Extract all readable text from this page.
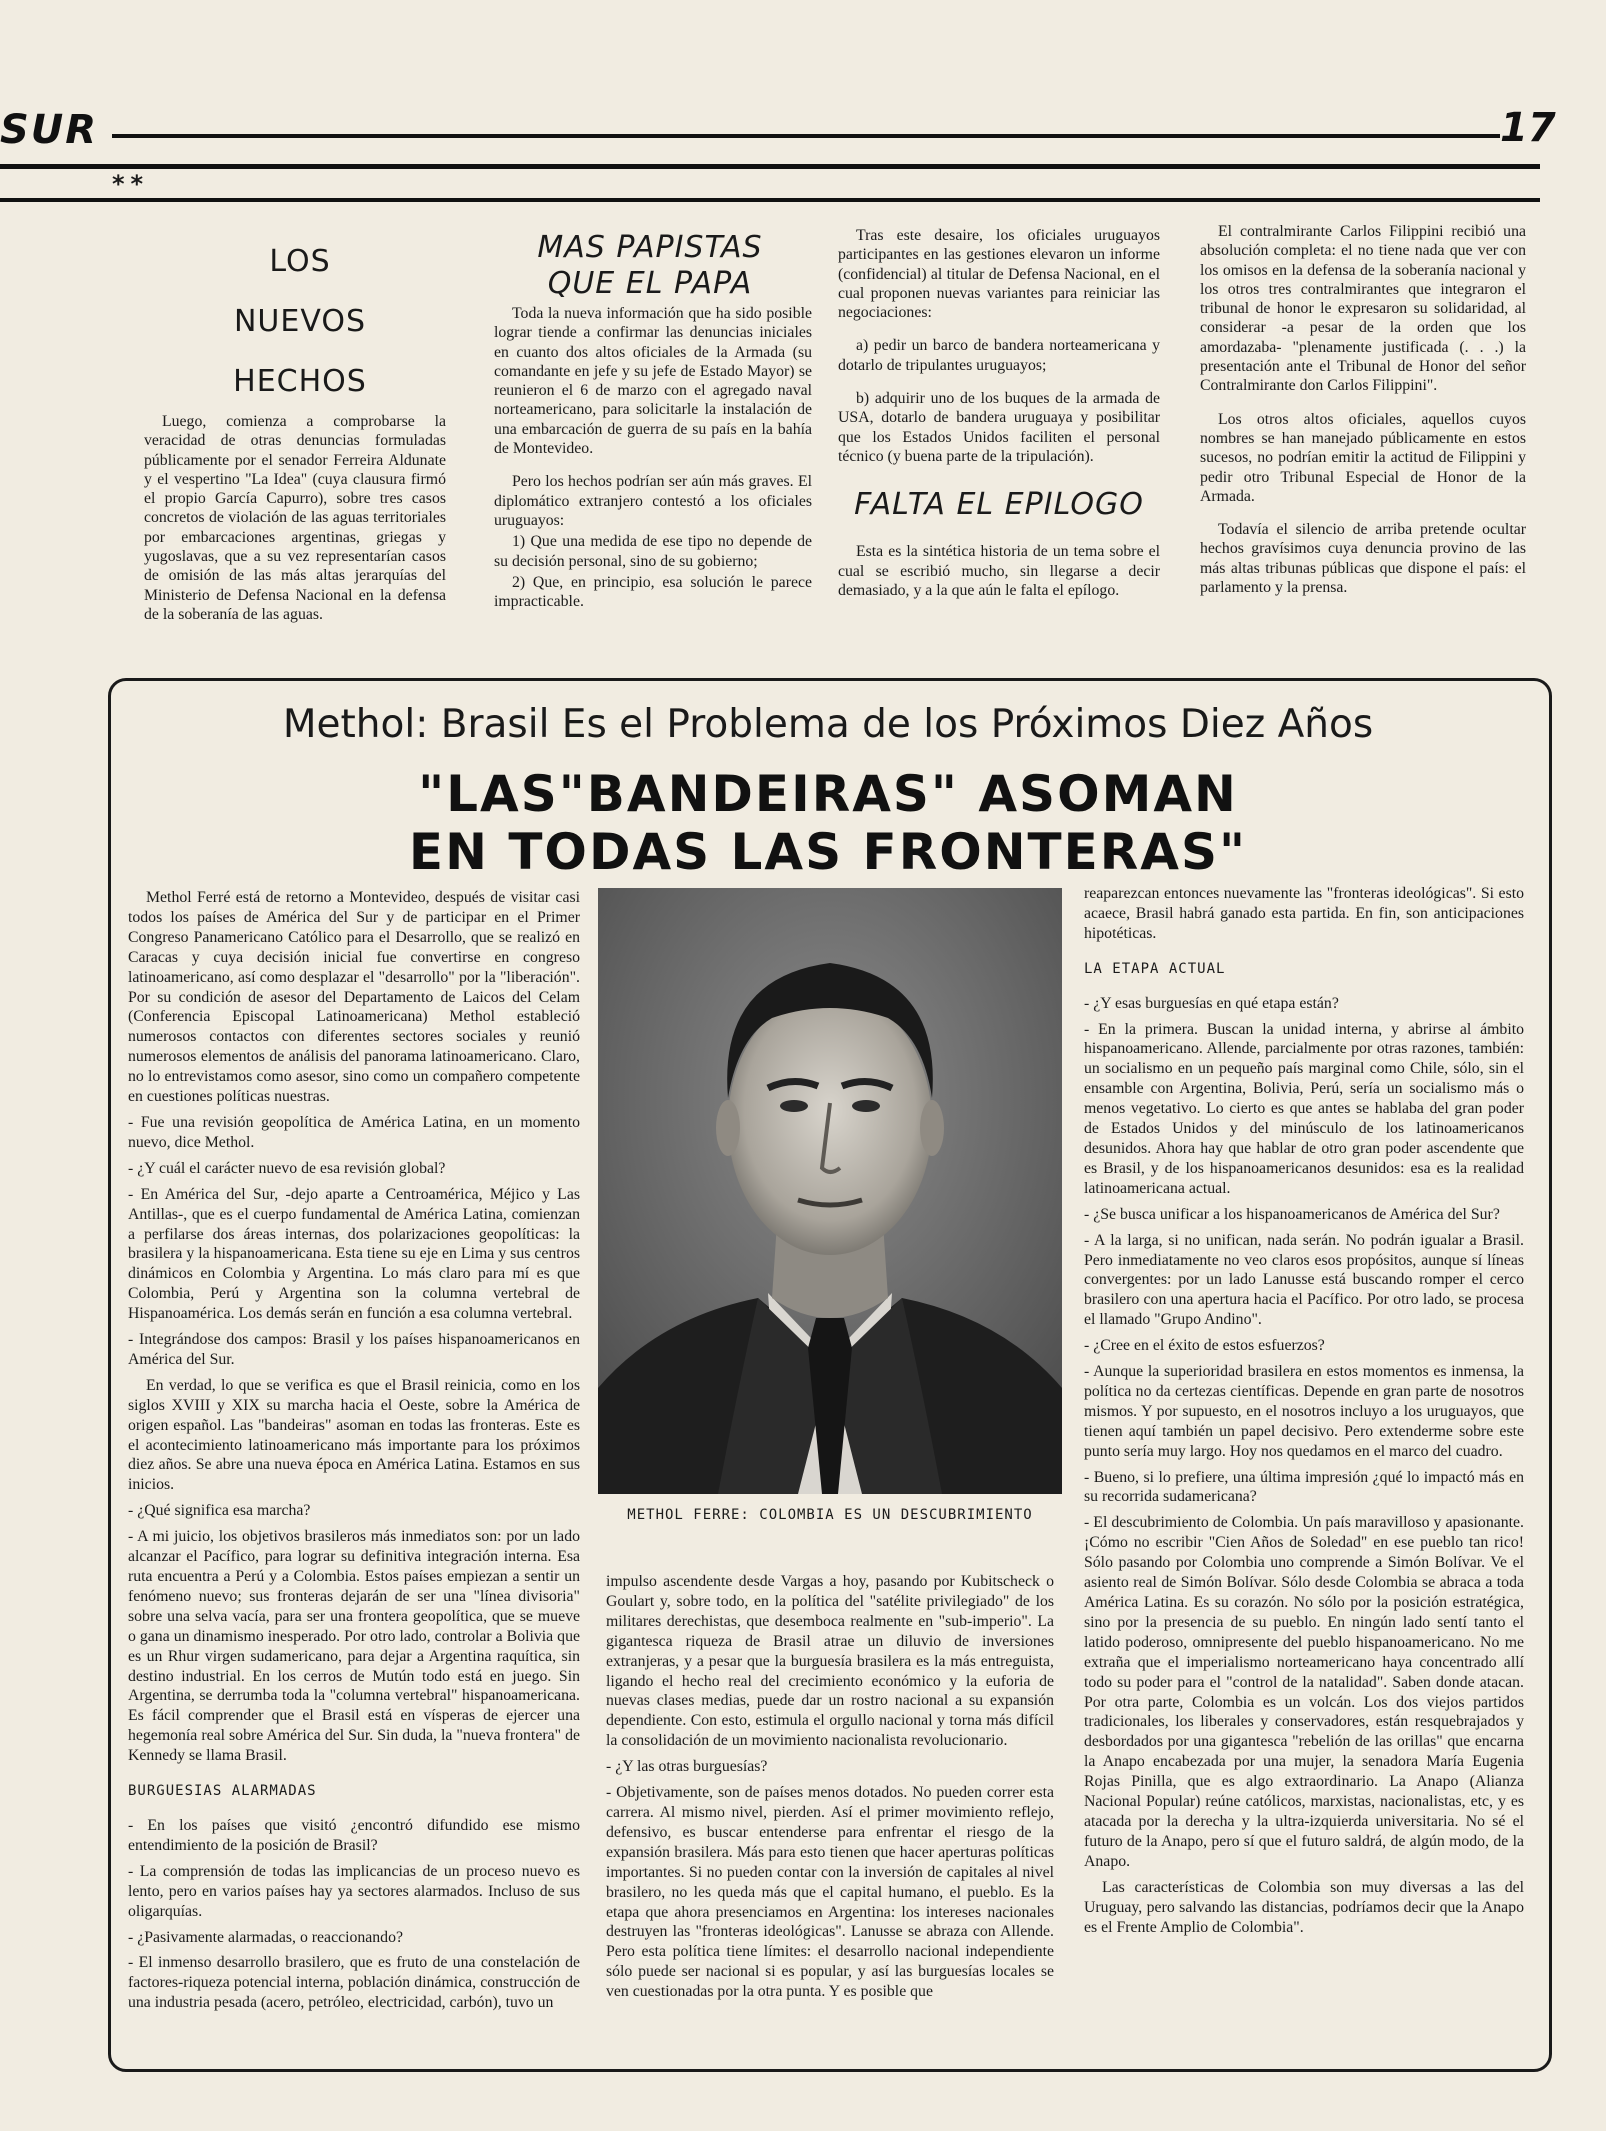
SUR	17
**
LOS
NUEVOS
HECHOS

Luego, comienza a comprobarse la veracidad de otras denuncias formuladas públicamente por el senador Ferreira Aldunate y el vespertino "La Idea" (cuya clausura firmó el propio García Capurro), sobre tres casos concretos de violación de las aguas territoriales por embarcaciones argentinas, griegas y yugoslavas, que a su vez representarían casos de omisión de las más altas jerarquías del Ministerio de Defensa Nacional en la defensa de la soberanía de las aguas.

MAS PAPISTAS
QUE EL PAPA

Toda la nueva información que ha sido posible lograr tiende a confirmar las denuncias iniciales en cuanto dos altos oficiales de la Armada (su comandante en jefe y su jefe de Estado Mayor) se reunieron el 6 de marzo con el agregado naval norteamericano, para solicitarle la instalación de una embarcación de guerra de su país en la bahía de Montevideo.

Pero los hechos podrían ser aún más graves. El diplomático extranjero contestó a los oficiales uruguayos:

1) Que una medida de ese tipo no depende de su decisión personal, sino de su gobierno;

2) Que, en principio, esa solución le parece impracticable.

Tras este desaire, los oficiales uruguayos participantes en las gestiones elevaron un informe (confidencial) al titular de Defensa Nacional, en el cual proponen nuevas variantes para reiniciar las negociaciones:

a) pedir un barco de bandera norteamericana y dotarlo de tripulantes uruguayos;

b) adquirir uno de los buques de la armada de USA, dotarlo de bandera uruguaya y posibilitar que los Estados Unidos faciliten el personal técnico (y buena parte de la tripulación).

FALTA EL EPILOGO

Esta es la sintética historia de un tema sobre el cual se escribió mucho, sin llegarse a decir demasiado, y a la que aún le falta el epílogo.

El contralmirante Carlos Filippini recibió una absolución completa: el no tiene nada que ver con los omisos en la defensa de la soberanía nacional y los otros tres contralmirantes que integraron el tribunal de honor le expresaron su solidaridad, al considerar -a pesar de la orden que los amordazaba- "plenamente justificada (. . .) la presentación ante el Tribunal de Honor del señor Contralmirante don Carlos Filippini".

Los otros altos oficiales, aquellos cuyos nombres se han manejado públicamente en estos sucesos, no podrían emitir la actitud de Filippini y pedir otro Tribunal Especial de Honor de la Armada.

Todavía el silencio de arriba pretende ocultar hechos gravísimos cuya denuncia provino de las más altas tribunas públicas que dispone el país: el parlamento y la prensa.

Methol: Brasil Es el Problema de los Próximos Diez Años
"LAS"BANDEIRAS" ASOMAN
EN TODAS LAS FRONTERAS"
METHOL FERRE: COLOMBIA ES UN DESCUBRIMIENTO

Methol Ferré está de retorno a Montevideo, después de visitar casi todos los países de América del Sur y de participar en el Primer Congreso Panamericano Católico para el Desarrollo, que se realizó en Caracas y cuya decisión inicial fue convertirse en congreso latinoamericano, así como desplazar el "desarrollo" por la "liberación". Por su condición de asesor del Departamento de Laicos del Celam (Conferencia Episcopal Latinoamericana) Methol estableció numerosos contactos con diferentes sectores sociales y reunió numerosos elementos de análisis del panorama latinoamericano. Claro, no lo entrevistamos como asesor, sino como un compañero competente en cuestiones políticas nuestras.

- Fue una revisión geopolítica de América Latina, en un momento nuevo, dice Methol.

- ¿Y cuál el carácter nuevo de esa revisión global?

- En América del Sur, -dejo aparte a Centroamérica, Méjico y Las Antillas-, que es el cuerpo fundamental de América Latina, comienzan a perfilarse dos áreas internas, dos polarizaciones geopolíticas: la brasilera y la hispanoamericana. Esta tiene su eje en Lima y sus centros dinámicos en Colombia y Argentina. Lo más claro para mí es que Colombia, Perú y Argentina son la columna vertebral de Hispanoamérica. Los demás serán en función a esa columna vertebral.

- Integrándose dos campos: Brasil y los países hispanoamericanos en América del Sur.

En verdad, lo que se verifica es que el Brasil reinicia, como en los siglos XVIII y XIX su marcha hacia el Oeste, sobre la América de origen español. Las "bandeiras" asoman en todas las fronteras. Este es el acontecimiento latinoamericano más importante para los próximos diez años. Se abre una nueva época en América Latina. Estamos en sus inicios.

- ¿Qué significa esa marcha?

- A mi juicio, los objetivos brasileros más inmediatos son: por un lado alcanzar el Pacífico, para lograr su definitiva integración interna. Esa ruta encuentra a Perú y a Colombia. Estos países empiezan a sentir un fenómeno nuevo; sus fronteras dejarán de ser una "línea divisoria" sobre una selva vacía, para ser una frontera geopolítica, que se mueve o gana un dinamismo inesperado. Por otro lado, controlar a Bolivia que es un Rhur virgen sudamericano, para dejar a Argentina raquítica, sin destino industrial. En los cerros de Mutún todo está en juego. Sin Argentina, se derrumba toda la "columna vertebral" hispanoamericana. Es fácil comprender que el Brasil está en vísperas de ejercer una hegemonía real sobre América del Sur. Sin duda, la "nueva frontera" de Kennedy se llama Brasil.

BURGUESIAS ALARMADAS

- En los países que visitó ¿encontró difundido ese mismo entendimiento de la posición de Brasil?

- La comprensión de todas las implicancias de un proceso nuevo es lento, pero en varios países hay ya sectores alarmados. Incluso de sus oligarquías.

- ¿Pasivamente alarmadas, o reaccionando?

- El inmenso desarrollo brasilero, que es fruto de una constelación de factores-riqueza potencial interna, población dinámica, construcción de una industria pesada (acero, petróleo, electricidad, carbón), tuvo un

impulso ascendente desde Vargas a hoy, pasando por Kubitscheck o Goulart y, sobre todo, en la política del "satélite privilegiado" de los militares derechistas, que desemboca realmente en "sub-imperio". La gigantesca riqueza de Brasil atrae un diluvio de inversiones extranjeras, y a pesar que la burguesía brasilera es la más entreguista, ligando el hecho real del crecimiento económico y la euforia de nuevas clases medias, puede dar un rostro nacional a su expansión dependiente. Con esto, estimula el orgullo nacional y torna más difícil la consolidación de un movimiento nacionalista revolucionario.

- ¿Y las otras burguesías?

- Objetivamente, son de países menos dotados. No pueden correr esta carrera. Al mismo nivel, pierden. Así el primer movimiento reflejo, defensivo, es buscar entenderse para enfrentar el riesgo de la expansión brasilera. Más para esto tienen que hacer aperturas políticas importantes. Si no pueden contar con la inversión de capitales al nivel brasilero, no les queda más que el capital humano, el pueblo. Es la etapa que ahora presenciamos en Argentina: los intereses nacionales destruyen las "fronteras ideológicas". Lanusse se abraza con Allende. Pero esta política tiene límites: el desarrollo nacional independiente sólo puede ser nacional si es popular, y así las burguesías locales se ven cuestionadas por la otra punta. Y es posible que

reaparezcan entonces nuevamente las "fronteras ideológicas". Si esto acaece, Brasil habrá ganado esta partida. En fin, son anticipaciones hipotéticas.

LA ETAPA ACTUAL

- ¿Y esas burguesías en qué etapa están?

- En la primera. Buscan la unidad interna, y abrirse al ámbito hispanoamericano. Allende, parcialmente por otras razones, también: un socialismo en un pequeño país marginal como Chile, sólo, sin el ensamble con Argentina, Bolivia, Perú, sería un socialismo más o menos vegetativo. Lo cierto es que antes se hablaba del gran poder de Estados Unidos y del minúsculo de los latinoamericanos desunidos. Ahora hay que hablar de otro gran poder ascendente que es Brasil, y de los hispanoamericanos desunidos: esa es la realidad latinoamericana actual.

- ¿Se busca unificar a los hispanoamericanos de América del Sur?

- A la larga, si no unifican, nada serán. No podrán igualar a Brasil. Pero inmediatamente no veo claros esos propósitos, aunque sí líneas convergentes: por un lado Lanusse está buscando romper el cerco brasilero con una apertura hacia el Pacífico. Por otro lado, se procesa el llamado "Grupo Andino".

- ¿Cree en el éxito de estos esfuerzos?

- Aunque la superioridad brasilera en estos momentos es inmensa, la política no da certezas científicas. Depende en gran parte de nosotros mismos. Y por supuesto, en el nosotros incluyo a los uruguayos, que tienen aquí también un papel decisivo. Pero extenderme sobre este punto sería muy largo. Hoy nos quedamos en el marco del cuadro.

- Bueno, si lo prefiere, una última impresión ¿qué lo impactó más en su recorrida sudamericana?

- El descubrimiento de Colombia. Un país maravilloso y apasionante. ¡Cómo no escribir "Cien Años de Soledad" en ese pueblo tan rico! Sólo pasando por Colombia uno comprende a Simón Bolívar. Ve el asiento real de Simón Bolívar. Sólo desde Colombia se abraca a toda América Latina. Es su corazón. No sólo por la posición estratégica, sino por la presencia de su pueblo. En ningún lado sentí tanto el latido poderoso, omnipresente del pueblo hispanoamericano. No me extraña que el imperialismo norteamericano haya concentrado allí todo su poder para el "control de la natalidad". Saben donde atacan. Por otra parte, Colombia es un volcán. Los dos viejos partidos tradicionales, los liberales y conservadores, están resquebrajados y desbordados por una gigantesca "rebelión de las orillas" que encarna la Anapo encabezada por una mujer, la senadora María Eugenia Rojas Pinilla, que es algo extraordinario. La Anapo (Alianza Nacional Popular) reúne católicos, marxistas, nacionalistas, etc, y es atacada por la derecha y la ultra-izquierda universitaria. No sé el futuro de la Anapo, pero sí que el futuro saldrá, de algún modo, de la Anapo.

Las características de Colombia son muy diversas a las del Uruguay, pero salvando las distancias, podríamos decir que la Anapo es el Frente Amplio de Colombia".
